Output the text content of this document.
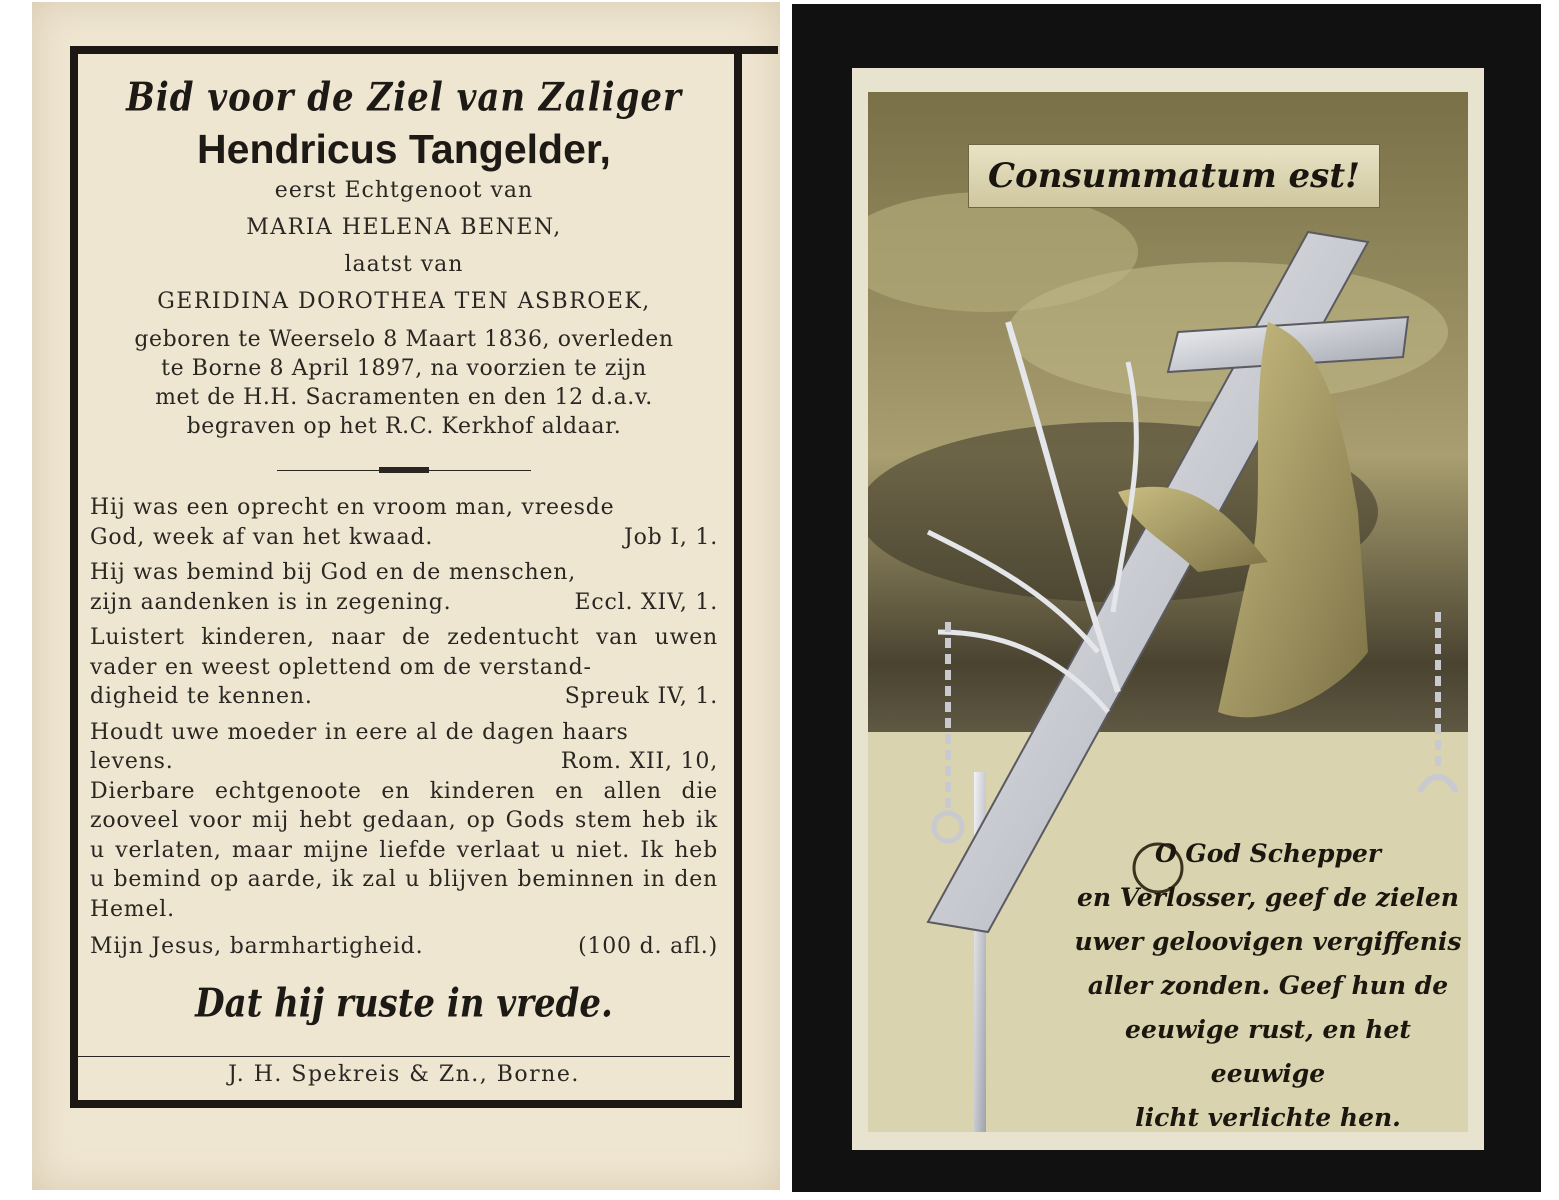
Bid voor de Ziel van Zaliger
Hendricus Tangelder,
eerst Echtgenoot van
MARIA HELENA BENEN,
laatst van
GERIDINA DOROTHEA TEN ASBROEK,
geboren te Weerselo 8 Maart 1836, overleden
te Borne 8 April 1897, na voorzien te zijn
met de H.H. Sacramenten en den 12 d.a.v.
begraven op het R.C. Kerkhof aldaar.
Hij was een oprecht en vroom man, vreesde
God, week af van het kwaad.	Job I, 1.
Hij was bemind bij God en de menschen,
zijn aandenken is in zegening.	Eccl. XIV, 1.
Luistert kinderen, naar de zedentucht van uwen vader en weest oplettend om de verstand-
digheid te kennen.	Spreuk IV, 1.
Houdt uwe moeder in eere al de dagen haars
levens.	Rom. XII, 10,
Dierbare echtgenoote en kinderen en allen die zooveel voor mij hebt gedaan, op Gods stem heb ik u verlaten, maar mijne liefde verlaat u niet. Ik heb u bemind op aarde, ik zal u blijven beminnen in den Hemel.
Mijn Jesus, barmhartigheid.	(100 d. afl.)
Dat hij ruste in vrede.
J. H. Spekreis & Zn., Borne.
Consummatum est!
O God Schepper
en Verlosser, geef de zielen
uwer geloovigen vergiffenis
aller zonden. Geef hun de
eeuwige rust, en het eeuwige
licht verlichte hen.
